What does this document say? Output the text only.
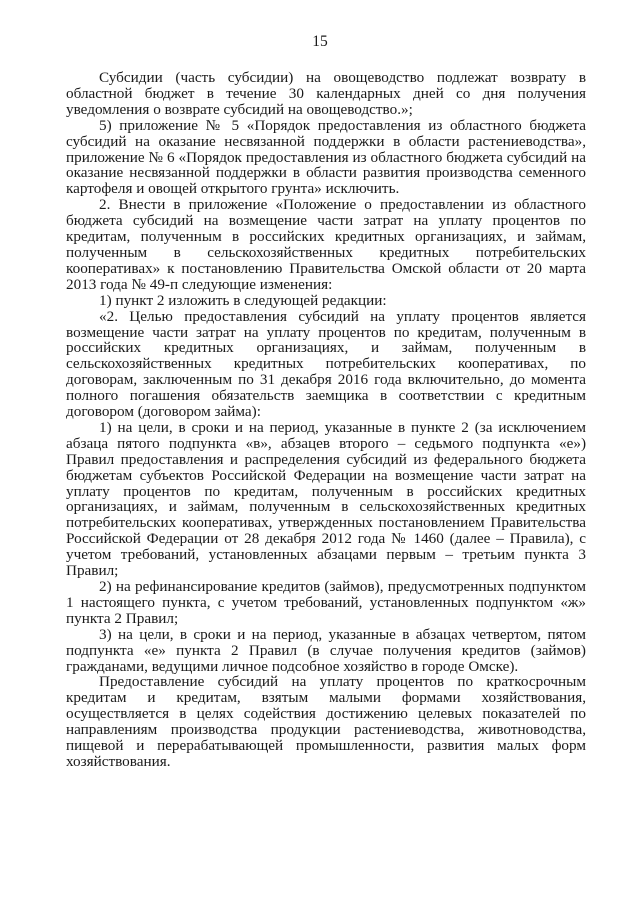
15

Субсидии (часть субсидии) на овощеводство подлежат возврату в областной бюджет в течение 30 календарных дней со дня получения уведомления о возврате субсидий на овощеводство.»;

5) приложение № 5 «Порядок предоставления из областного бюджета субсидий на оказание несвязанной поддержки в области растениеводства», приложение № 6 «Порядок предоставления из областного бюджета субсидий на оказание несвязанной поддержки в области развития производства семенного картофеля и овощей открытого грунта» исключить.

2. Внести в приложение «Положение о предоставлении из областного бюджета субсидий на возмещение части затрат на уплату процентов по кредитам, полученным в российских кредитных организациях, и займам, полученным в сельскохозяйственных кредитных потребительских кооперативах» к постановлению Правительства Омской области от 20 марта 2013 года № 49-п следующие изменения:

1) пункт 2 изложить в следующей редакции:

«2. Целью предоставления субсидий на уплату процентов является возмещение части затрат на уплату процентов по кредитам, полученным в российских кредитных организациях, и займам, полученным в сельскохозяйственных кредитных потребительских кооперативах, по договорам, заключенным по 31 декабря 2016 года включительно, до момента полного погашения обязательств заемщика в соответствии с кредитным договором (договором займа):

1) на цели, в сроки и на период, указанные в пункте 2 (за исключением абзаца пятого подпункта «в», абзацев второго – седьмого подпункта «е») Правил предоставления и распределения субсидий из федерального бюджета бюджетам субъектов Российской Федерации на возмещение части затрат на уплату процентов по кредитам, полученным в российских кредитных организациях, и займам, полученным в сельскохозяйственных кредитных потребительских кооперативах, утвержденных постановлением Правительства Российской Федерации от 28 декабря 2012 года № 1460 (далее – Правила), с учетом требований, установленных абзацами первым – третьим пункта 3 Правил;

2) на рефинансирование кредитов (займов), предусмотренных подпунктом 1 настоящего пункта, с учетом требований, установленных подпунктом «ж» пункта 2 Правил;

3) на цели, в сроки и на период, указанные в абзацах четвертом, пятом подпункта «е» пункта 2 Правил (в случае получения кредитов (займов) гражданами, ведущими личное подсобное хозяйство в городе Омске).

Предоставление субсидий на уплату процентов по краткосрочным кредитам и кредитам, взятым малыми формами хозяйствования, осуществляется в целях содействия достижению целевых показателей по направлениям производства продукции растениеводства, животноводства, пищевой и перерабатывающей промышленности, развития малых форм хозяйствования.
